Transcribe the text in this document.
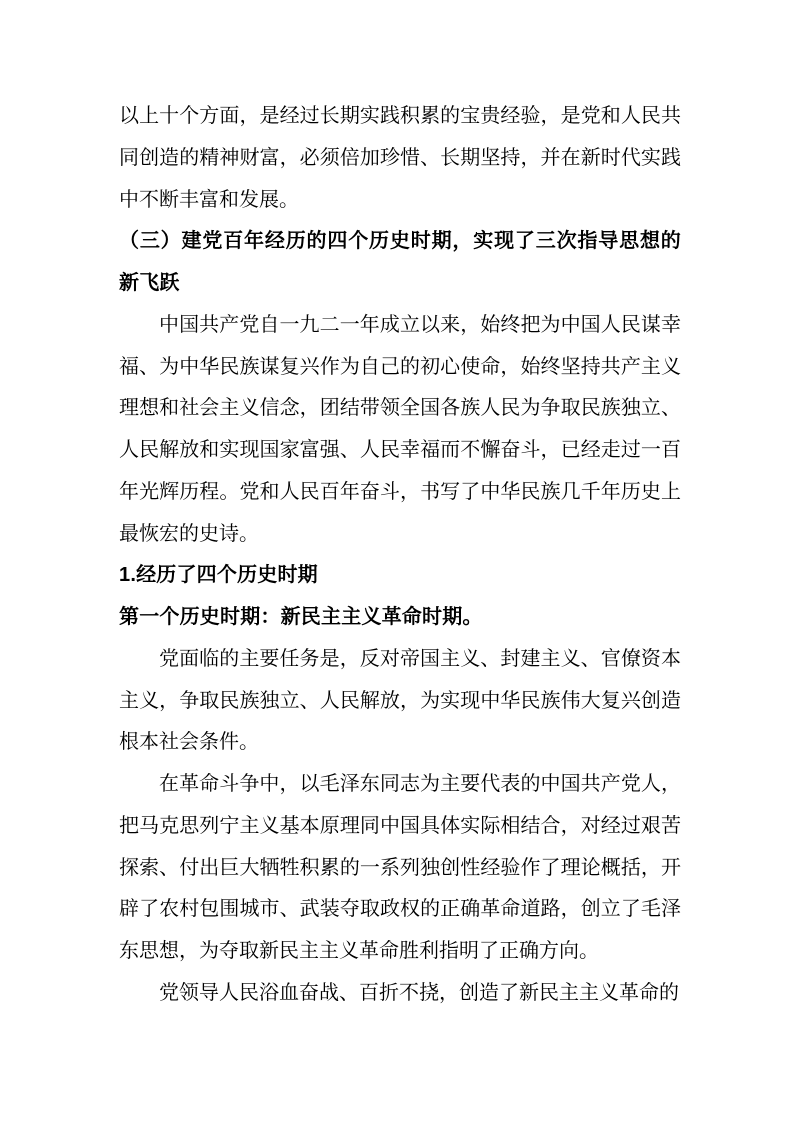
以上十个方面，是经过长期实践积累的宝贵经验，是党和人民共同创造的精神财富，必须倍加珍惜、长期坚持，并在新时代实践中不断丰富和发展。

（三）建党百年经历的四个历史时期，实现了三次指导思想的新飞跃

中国共产党自一九二一年成立以来，始终把为中国人民谋幸福、为中华民族谋复兴作为自己的初心使命，始终坚持共产主义理想和社会主义信念，团结带领全国各族人民为争取民族独立、人民解放和实现国家富强、人民幸福而不懈奋斗，已经走过一百年光辉历程。党和人民百年奋斗，书写了中华民族几千年历史上最恢宏的史诗。

1.经历了四个历史时期
第一个历史时期：新民主主义革命时期。

党面临的主要任务是，反对帝国主义、封建主义、官僚资本主义，争取民族独立、人民解放，为实现中华民族伟大复兴创造根本社会条件。

在革命斗争中，以毛泽东同志为主要代表的中国共产党人，把马克思列宁主义基本原理同中国具体实际相结合，对经过艰苦探索、付出巨大牺牲积累的一系列独创性经验作了理论概括，开辟了农村包围城市、武装夺取政权的正确革命道路，创立了毛泽东思想，为夺取新民主主义革命胜利指明了正确方向。

党领导人民浴血奋战、百折不挠，创造了新民主主义革命的
